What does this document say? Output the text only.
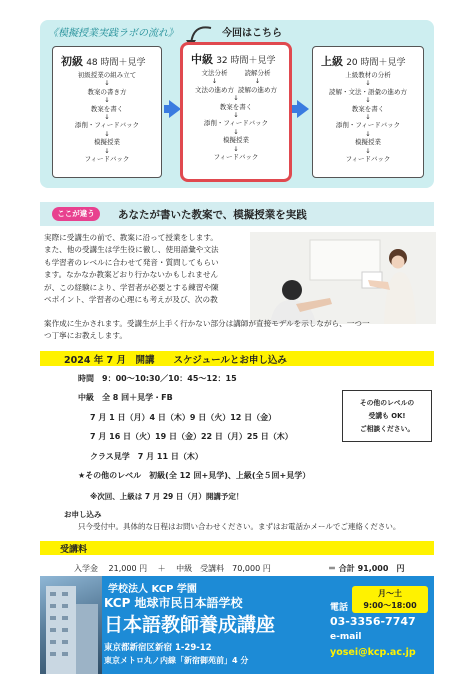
《模擬授業実践ラボの流れ》	今回はこちら
初級 48 時間＋見学
初級授業の組み立て
↓
教案の書き方
↓
教案を書く
↓
添削・フィードバック
↓
模擬授業
↓
フィードバック
中級 32 時間＋見学
文法分析
↓
文法の進め方
読解分析
↓
読解の進め方
↓
教案を書く
↓
添削・フィードバック
↓
模擬授業
↓
フィードバック
上級 20 時間＋見学
上級教材の分析
↓
読解・文法・語彙の進め方
↓
教案を書く
↓
添削・フィードバック
↓
模擬授業
↓
フィードバック
ここが違う	あなたが書いた教案で、模擬授業を実践
実際に受講生の前で、教案に沿って授業をします。
また、他の受講生は学生役に徹し、使用語彙や文法
も学習者のレベルに合わせて発音・質問してもらい
ます。なかなか教案どおり行かないかもしれません
が、この経験により、学習者が必要とする練習や陳
べポイント、学習者の心理にも考えが及び、次の教
案作成に生かされます。受講生が上手く行かない部分は講師が直接モデルを示しながら、一つ一
つ丁寧にお教えします。
2024 年 7 月　開講　　スケジュールとお申し込み
時間　9：00～10:30／10：45～12：15
中級　全 8 回＋見学・FB
7 月 1 日（月）4 日（木）9 日（火）12 日（金）
7 月 16 日（火）19 日（金）22 日（月）25 日（木）
クラス見学　7 月 11 日（木）
★その他のレベル　初級(全 12 回+見学)、上級(全５回+見学）
※次回、上級は 7 月 29 日（月）開講予定！
お申し込み
只今受付中。具体的な日程はお問い合わせください。まずはお電話かメールでご連絡ください。
その他のレベルの
受講も OK!
ご相談ください。
受講料
入学金　 21,000 円　 ＋ 　中級　受講料　70,000 円	＝ 合計 91,000　円
学校法人 KCP 学園
KCP 地球市民日本語学校
日本語教師養成講座
東京都新宿区新宿 1-29-12
東京メトロ丸ノ内線「新宿御苑前」4 分
電話
月～土
9:00～18:00
03-3356-7747
e-mail
yosei@kcp.ac.jp
